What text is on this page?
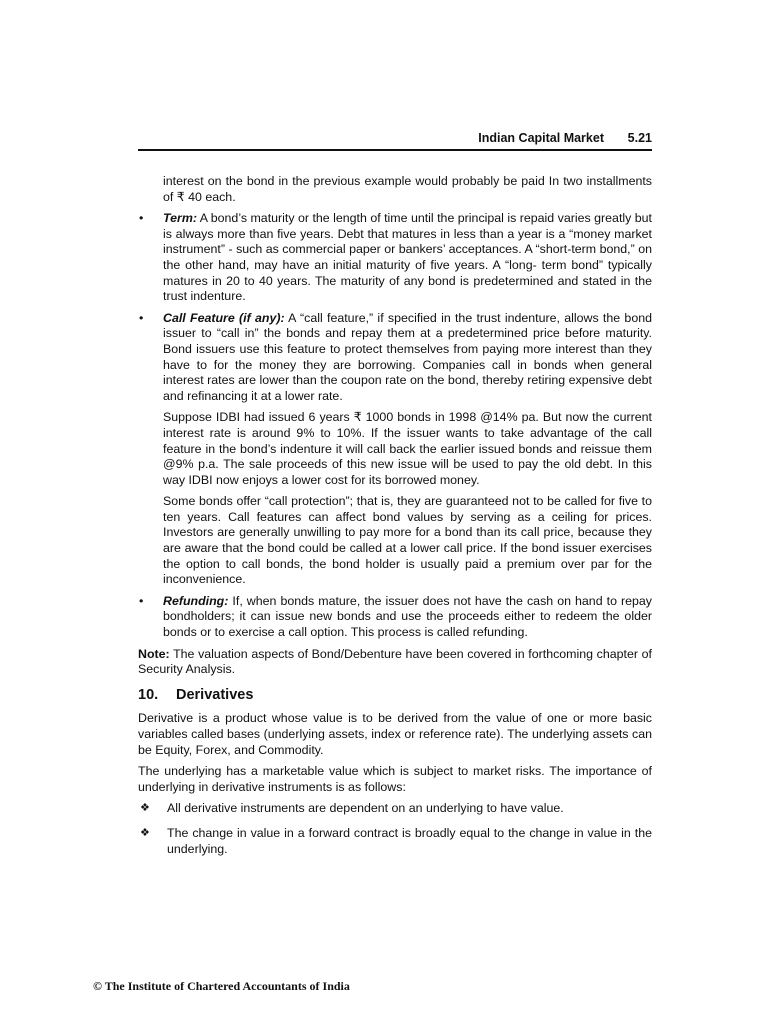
Indian Capital Market 5.21

interest on the bond in the previous example would probably be paid In two installments of ₹ 40 each.

• Term: A bond’s maturity or the length of time until the principal is repaid varies greatly but is always more than five years. Debt that matures in less than a year is a “money market instrument” - such as commercial paper or bankers’ acceptances. A “short-term bond,” on the other hand, may have an initial maturity of five years. A “long- term bond” typically matures in 20 to 40 years. The maturity of any bond is predetermined and stated in the trust indenture.
• Call Feature (if any): A “call feature,” if specified in the trust indenture, allows the bond issuer to “call in” the bonds and repay them at a predetermined price before maturity. Bond issuers use this feature to protect themselves from paying more interest than they have to for the money they are borrowing. Companies call in bonds when general interest rates are lower than the coupon rate on the bond, thereby retiring expensive debt and refinancing it at a lower rate.

Suppose IDBI had issued 6 years ₹ 1000 bonds in 1998 @14% pa. But now the current interest rate is around 9% to 10%. If the issuer wants to take advantage of the call feature in the bond’s indenture it will call back the earlier issued bonds and reissue them @9% p.a. The sale proceeds of this new issue will be used to pay the old debt. In this way IDBI now enjoys a lower cost for its borrowed money.

Some bonds offer “call protection”; that is, they are guaranteed not to be called for five to ten years. Call features can affect bond values by serving as a ceiling for prices. Investors are generally unwilling to pay more for a bond than its call price, because they are aware that the bond could be called at a lower call price. If the bond issuer exercises the option to call bonds, the bond holder is usually paid a premium over par for the inconvenience.

• Refunding: If, when bonds mature, the issuer does not have the cash on hand to repay bondholders; it can issue new bonds and use the proceeds either to redeem the older bonds or to exercise a call option. This process is called refunding.

Note: The valuation aspects of Bond/Debenture have been covered in forthcoming chapter of Security Analysis.

10. Derivatives

Derivative is a product whose value is to be derived from the value of one or more basic variables called bases (underlying assets, index or reference rate). The underlying assets can be Equity, Forex, and Commodity.

The underlying has a marketable value which is subject to market risks. The importance of underlying in derivative instruments is as follows:

❖ All derivative instruments are dependent on an underlying to have value.
❖ The change in value in a forward contract is broadly equal to the change in value in the underlying.
© The Institute of Chartered Accountants of India
